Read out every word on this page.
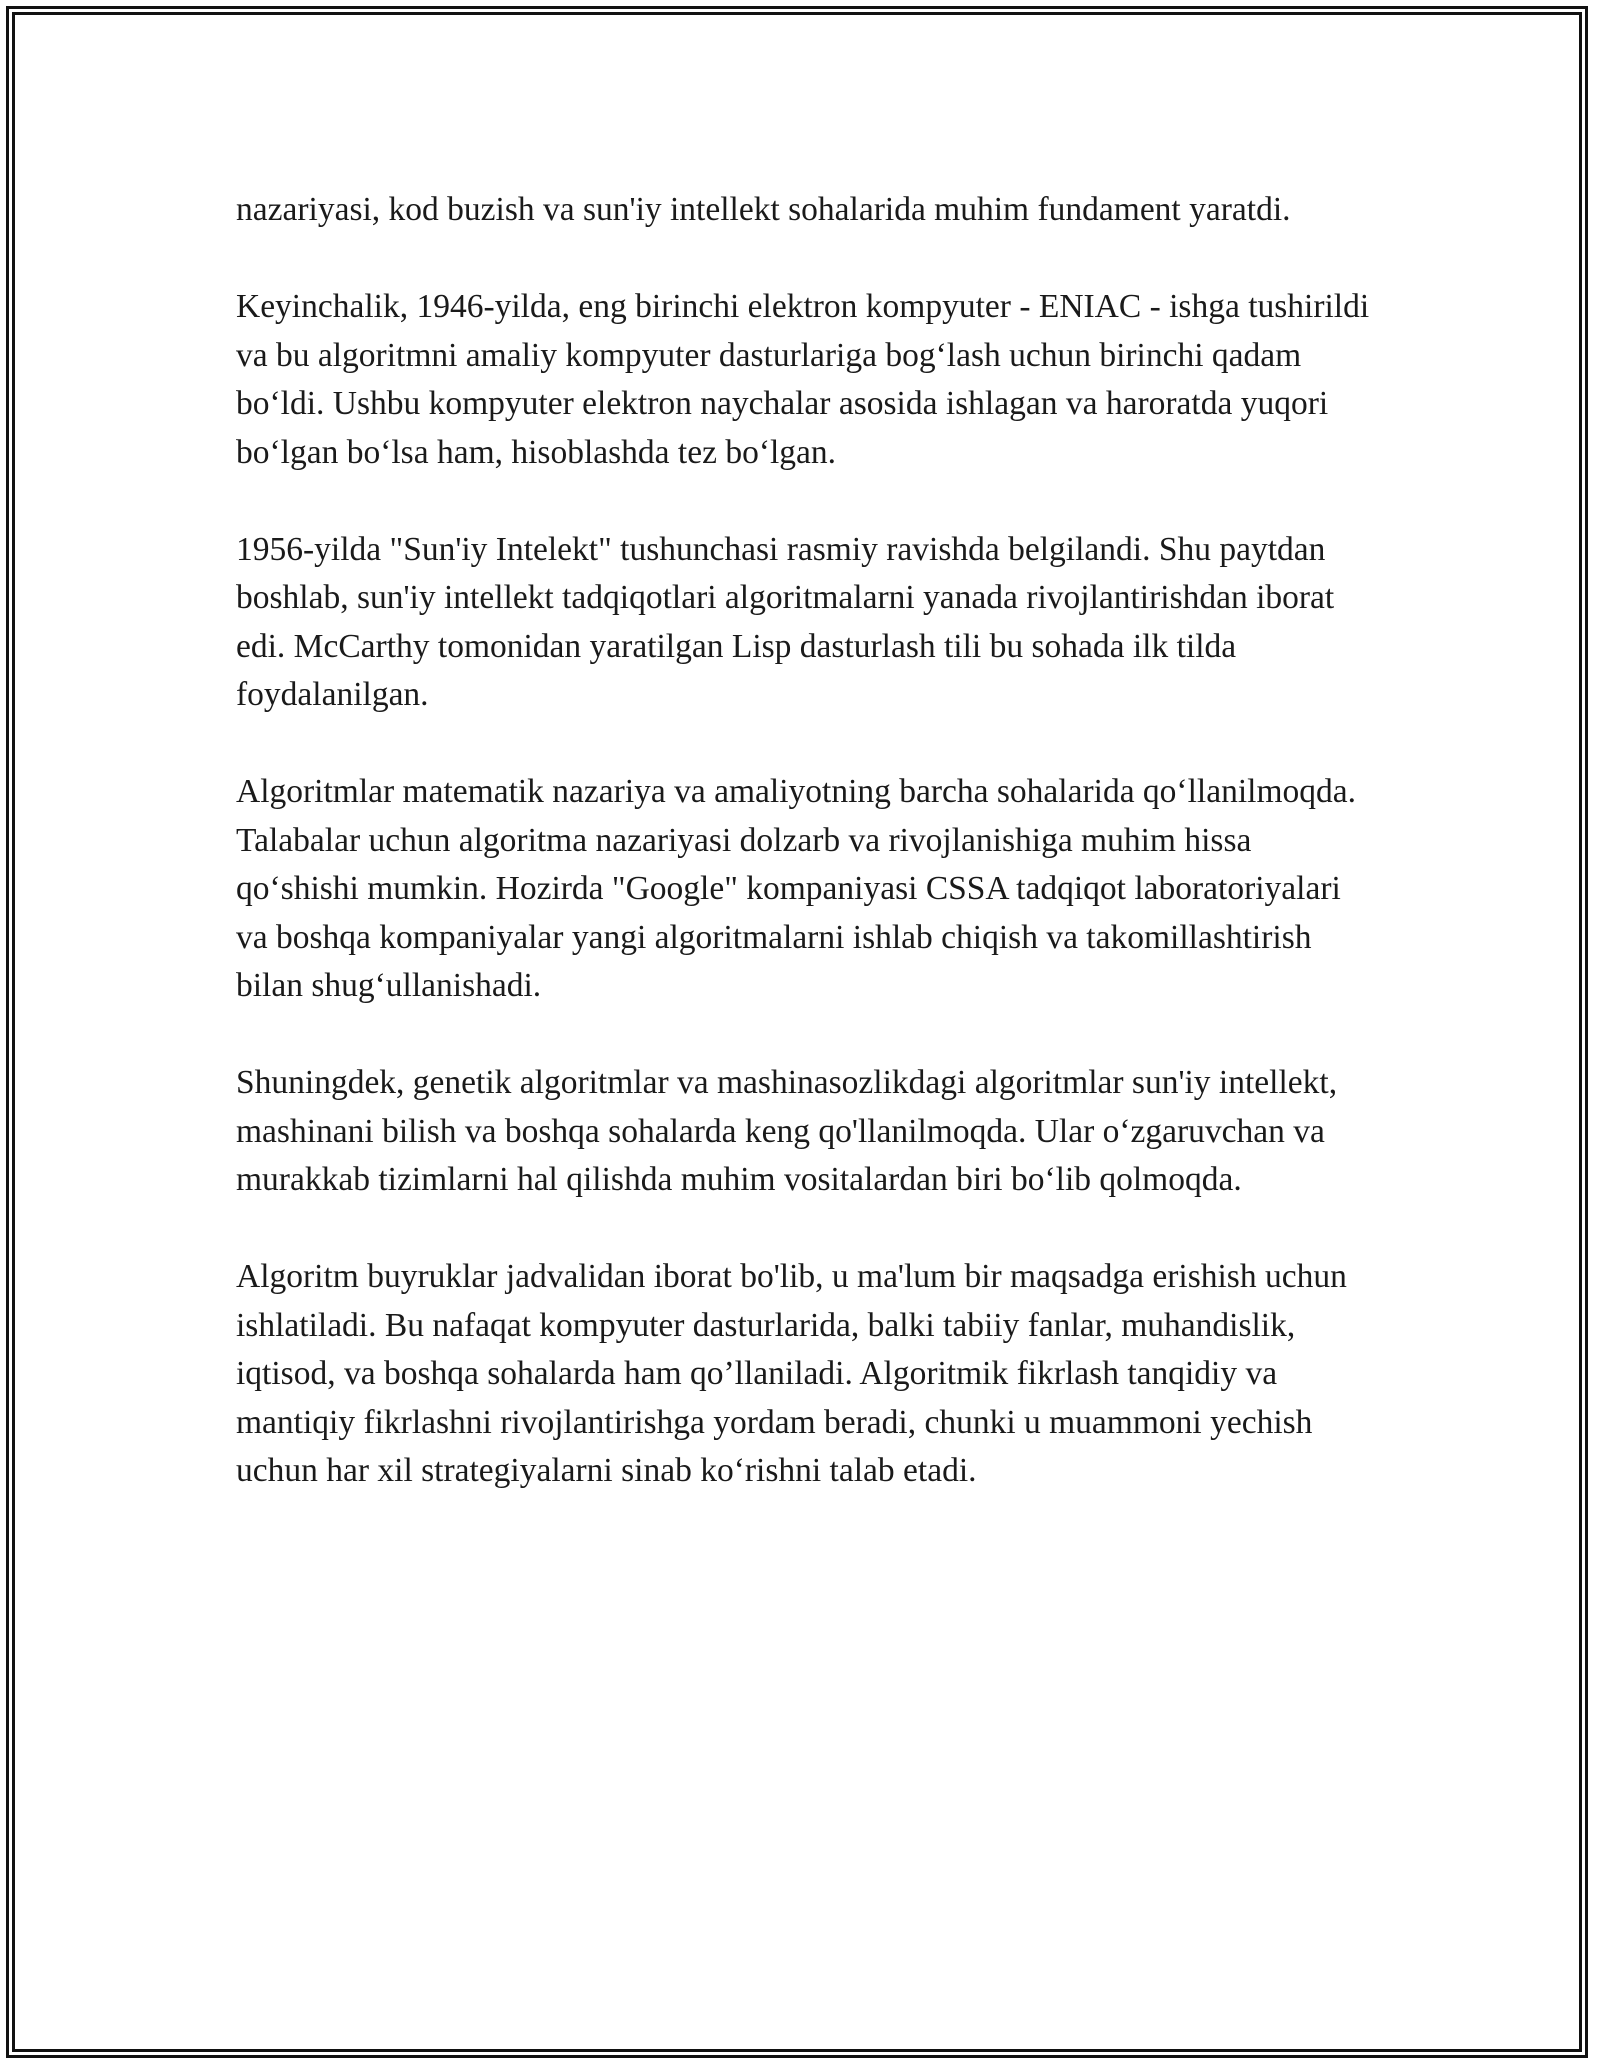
nazariyasi, kod buzish va sun'iy intellekt sohalarida muhim fundament yaratdi.

Keyinchalik, 1946-yilda, eng birinchi elektron kompyuter - ENIAC - ishga tushirildi va bu algoritmni amaliy kompyuter dasturlariga bog‘lash uchun birinchi qadam bo‘ldi. Ushbu kompyuter elektron naychalar asosida ishlagan va haroratda yuqori bo‘lgan bo‘lsa ham, hisoblashda tez bo‘lgan.

1956-yilda "Sun'iy Intelekt" tushunchasi rasmiy ravishda belgilandi. Shu paytdan boshlab, sun'iy intellekt tadqiqotlari algoritmalarni yanada rivojlantirishdan iborat edi. McCarthy tomonidan yaratilgan Lisp dasturlash tili bu sohada ilk tilda foydalanilgan.

Algoritmlar matematik nazariya va amaliyotning barcha sohalarida qo‘llanilmoqda. Talabalar uchun algoritma nazariyasi dolzarb va rivojlanishiga muhim hissa qo‘shishi mumkin. Hozirda "Google" kompaniyasi CSSA tadqiqot laboratoriyalari va boshqa kompaniyalar yangi algoritmalarni ishlab chiqish va takomillashtirish bilan shug‘ullanishadi.

Shuningdek, genetik algoritmlar va mashinasozlikdagi algoritmlar sun'iy intellekt, mashinani bilish va boshqa sohalarda keng qo'llanilmoqda. Ular o‘zgaruvchan va murakkab tizimlarni hal qilishda muhim vositalardan biri bo‘lib qolmoqda.

Algoritm buyruklar jadvalidan iborat bo'lib, u ma'lum bir maqsadga erishish uchun ishlatiladi. Bu nafaqat kompyuter dasturlarida, balki tabiiy fanlar, muhandislik, iqtisod, va boshqa sohalarda ham qo’llaniladi. Algoritmik fikrlash tanqidiy va mantiqiy fikrlashni rivojlantirishga yordam beradi, chunki u muammoni yechish uchun har xil strategiyalarni sinab ko‘rishni talab etadi.
